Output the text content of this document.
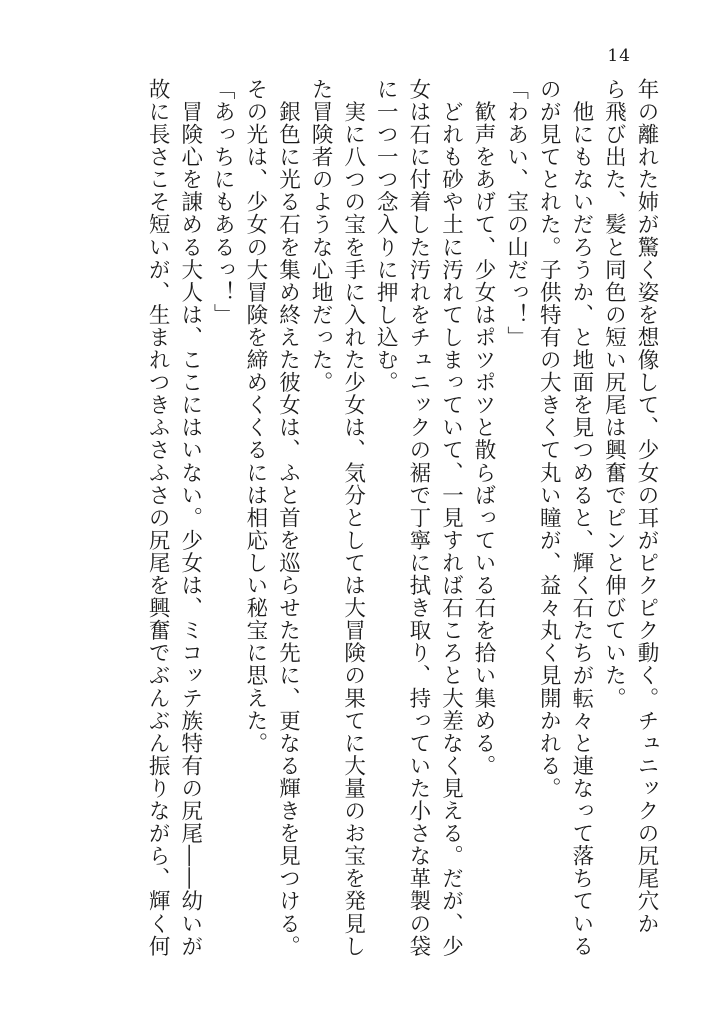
14
年の離れた姉が驚く姿を想像して、少女の耳がピクピク動く。チュニックの尻尾穴か
ら飛び出た、髪と同色の短い尻尾は興奮でピンと伸びていた。
　他にもないだろうか、と地面を見つめると、輝く石たちが転々と連なって落ちている
のが見てとれた。子供特有の大きくて丸い瞳が、益々丸く見開かれる。
「わあい、宝の山だっ！」
　歓声をあげて、少女はポツポツと散らばっている石を拾い集める。
　どれも砂や土に汚れてしまっていて、一見すれば石ころと大差なく見える。だが、少
女は石に付着した汚れをチュニックの裾で丁寧に拭き取り、持っていた小さな革製の袋
に一つ一つ念入りに押し込む。
　実に八つの宝を手に入れた少女は、気分としては大冒険の果てに大量のお宝を発見し
た冒険者のような心地だった。
　銀色に光る石を集め終えた彼女は、ふと首を巡らせた先に、更なる輝きを見つける。
その光は、少女の大冒険を締めくくるには相応しい秘宝に思えた。
「あっちにもあるっ！」
　冒険心を諌める大人は、ここにはいない。少女は、ミコッテ族特有の尻尾――幼いが
故に長さこそ短いが、生まれつきふさふさの尻尾を興奮でぶんぶん振りながら、輝く何
